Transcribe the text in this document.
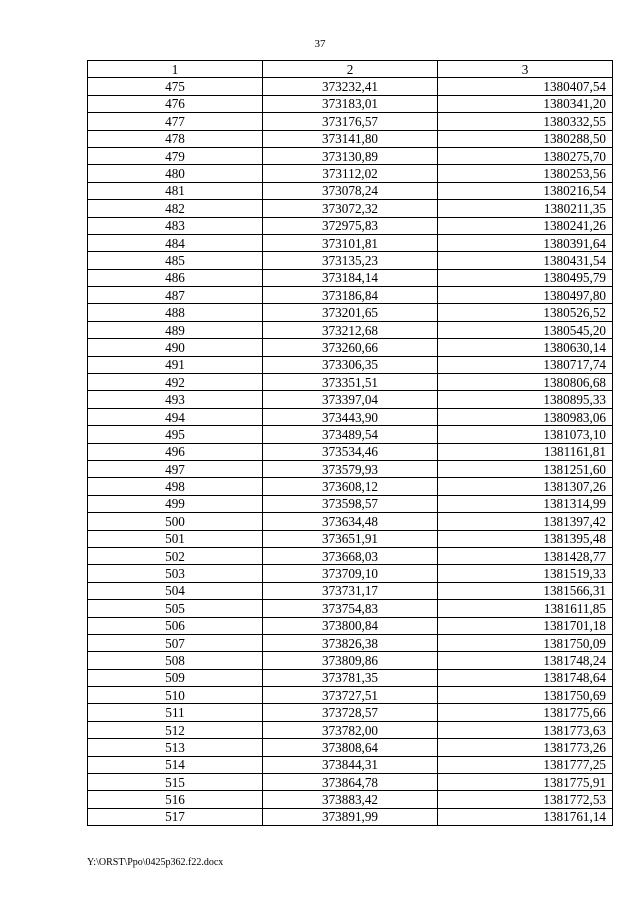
37
1	2	3
475	373232,41	1380407,54
476	373183,01	1380341,20
477	373176,57	1380332,55
478	373141,80	1380288,50
479	373130,89	1380275,70
480	373112,02	1380253,56
481	373078,24	1380216,54
482	373072,32	1380211,35
483	372975,83	1380241,26
484	373101,81	1380391,64
485	373135,23	1380431,54
486	373184,14	1380495,79
487	373186,84	1380497,80
488	373201,65	1380526,52
489	373212,68	1380545,20
490	373260,66	1380630,14
491	373306,35	1380717,74
492	373351,51	1380806,68
493	373397,04	1380895,33
494	373443,90	1380983,06
495	373489,54	1381073,10
496	373534,46	1381161,81
497	373579,93	1381251,60
498	373608,12	1381307,26
499	373598,57	1381314,99
500	373634,48	1381397,42
501	373651,91	1381395,48
502	373668,03	1381428,77
503	373709,10	1381519,33
504	373731,17	1381566,31
505	373754,83	1381611,85
506	373800,84	1381701,18
507	373826,38	1381750,09
508	373809,86	1381748,24
509	373781,35	1381748,64
510	373727,51	1381750,69
511	373728,57	1381775,66
512	373782,00	1381773,63
513	373808,64	1381773,26
514	373844,31	1381777,25
515	373864,78	1381775,91
516	373883,42	1381772,53
517	373891,99	1381761,14
Y:\ORST\Ppo\0425p362.f22.docx
